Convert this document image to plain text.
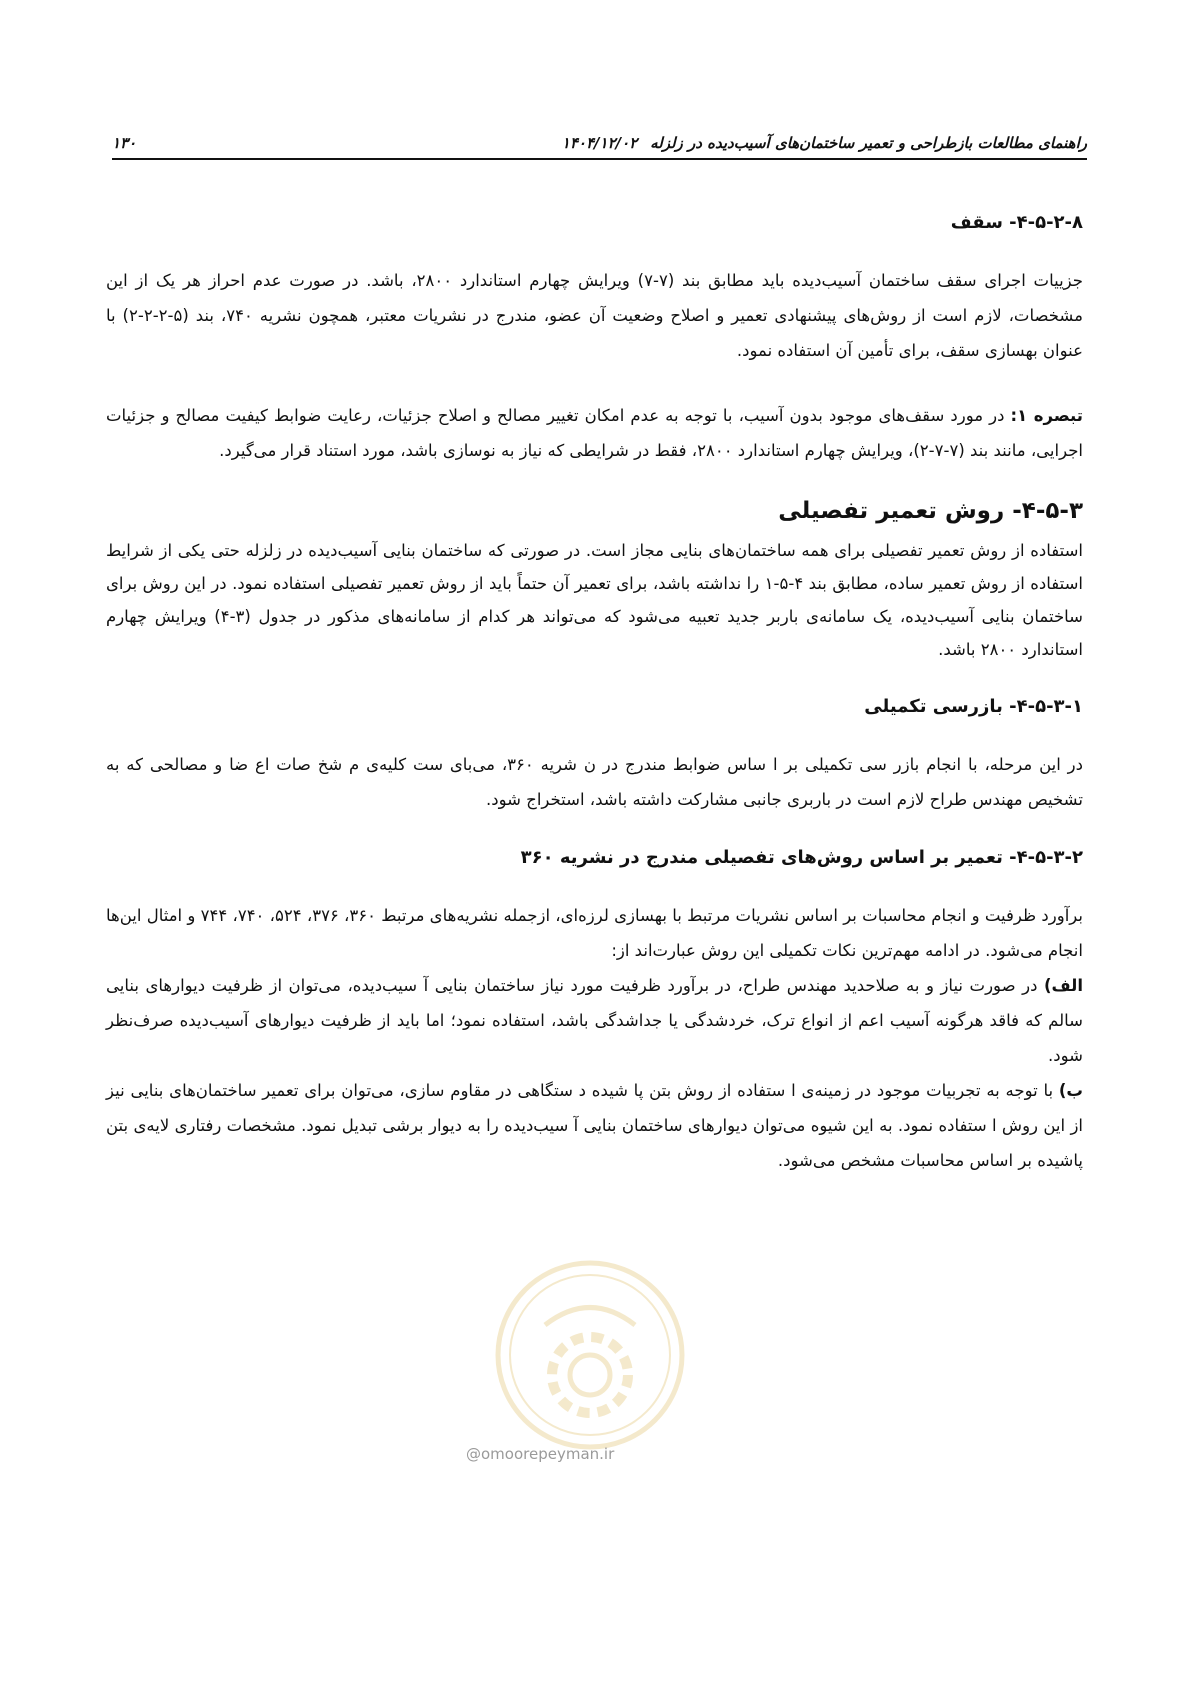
راهنمای مطالعات بازطراحی و تعمیر ساختمان‌های آسیب‌دیده در زلزله
۱۴۰۴/۱۲/۰۲
۱۳۰
۴-۵-۲-۸- سقف

جزییات اجرای سقف ساختمان آسیب‌دیده باید مطابق بند (۷-۷) ویرایش چهارم استاندارد ۲۸۰۰، باشد. در صورت عدم احراز هر یک از این مشخصات، لازم است از روش‌های پیشنهادی تعمیر و اصلاح وضعیت آن عضو، مندرج در نشریات معتبر، همچون نشریه ۷۴۰، بند (۵-۲-۲-۲) با عنوان بهسازی سقف، برای تأمین آن استفاده نمود.

تبصره ۱: در مورد سقف‌های موجود بدون آسیب، با توجه به عدم امکان تغییر مصالح و اصلاح جزئیات، رعایت ضوابط کیفیت مصالح و جزئیات اجرایی، مانند بند (۷-۷-۲)، ویرایش چهارم استاندارد ۲۸۰۰، فقط در شرایطی که نیاز به نوسازی باشد، مورد استناد قرار می‌گیرد.

۴-۵-۳- روش تعمیر تفصیلی

استفاده از روش تعمیر تفصیلی برای همه ساختمان‌های بنایی مجاز است. در صورتی که ساختمان بنایی آسیب‌دیده در زلزله حتی یکی از شرایط استفاده از روش تعمیر ساده، مطابق بند ۴-۵-۱ را نداشته باشد، برای تعمیر آن حتماً باید از روش تعمیر تفصیلی استفاده نمود. در این روش برای ساختمان بنایی آسیب‌دیده، یک سامانه‌ی باربر جدید تعبیه می‌شود که می‌تواند هر کدام از سامانه‌های مذکور در جدول (۳-۴) ویرایش چهارم استاندارد ۲۸۰۰ باشد.

۴-۵-۳-۱- بازرسی تکمیلی

در این مرحله، با انجام بازر سی تکمیلی بر ا ساس ضوابط مندرج در ن شریه ۳۶۰، می‌بای ست کلیه‌ی م شخ صات اع ضا و مصالحی که به تشخیص مهندس طراح لازم است در باربری جانبی مشارکت داشته باشد، استخراج شود.

۴-۵-۳-۲- تعمیر بر اساس روش‌های تفصیلی مندرج در نشریه ۳۶۰

برآورد ظرفیت و انجام محاسبات بر اساس نشریات مرتبط با بهسازی لرزه‌ای، ازجمله نشریه‌های مرتبط ۳۶۰، ۳۷۶، ۵۲۴، ۷۴۰، ۷۴۴ و امثال این‌ها انجام می‌شود. در ادامه مهم‌ترین نکات تکمیلی این روش عبارت‌اند از:

الف) در صورت نیاز و به صلاحدید مهندس طراح، در برآورد ظرفیت مورد نیاز ساختمان بنایی آ سیب‌دیده، می‌توان از ظرفیت دیوارهای بنایی سالم که فاقد هرگونه آسیب اعم از انواع ترک، خردشدگی یا جداشدگی باشد، استفاده نمود؛ اما باید از ظرفیت دیوارهای آسیب‌دیده صرف‌نظر شود.

ب) با توجه به تجربیات موجود در زمینه‌ی ا ستفاده از روش بتن پا شیده د ستگاهی در مقاوم سازی، می‌توان برای تعمیر ساختمان‌های بنایی نیز از این روش ا ستفاده نمود. به این شیوه می‌توان دیوارهای ساختمان بنایی آ سیب‌دیده را به دیوار برشی تبدیل نمود. مشخصات رفتاری لایه‌ی بتن پاشیده بر اساس محاسبات مشخص می‌شود.

@omoorepeyman.ir
